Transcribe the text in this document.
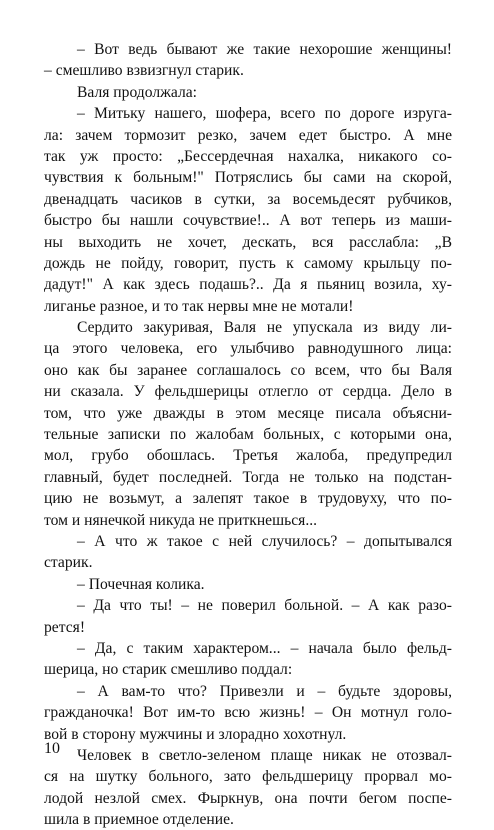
– Вот ведь бывают же такие нехорошие женщины!
– смешливо взвизгнул старик.
Валя продолжала:
– Митьку нашего, шофера, всего по дороге изруга-
ла: зачем тормозит резко, зачем едет быстро. А мне
так уж просто: „Бессердечная нахалка, никакого со-
чувствия к больным!" Потряслись бы сами на скорой,
двенадцать часиков в сутки, за восемьдесят рубчиков,
быстро бы нашли сочувствие!.. А вот теперь из маши-
ны выходить не хочет, дескать, вся расслабла: „В
дождь не пойду, говорит, пусть к самому крыльцу по-
дадут!" А как здесь подашь?.. Да я пьяниц возила, ху-
лиганье разное, и то так нервы мне не мотали!
Сердито закуривая, Валя не упускала из виду ли-
ца этого человека, его улыбчиво равнодушного лица:
оно как бы заранее соглашалось со всем, что бы Валя
ни сказала. У фельдшерицы отлегло от сердца. Дело в
том, что уже дважды в этом месяце писала объясни-
тельные записки по жалобам больных, с которыми она,
мол, грубо обошлась. Третья жалоба, предупредил
главный, будет последней. Тогда не только на подстан-
цию не возьмут, а залепят такое в трудовуху, что по-
том и нянечкой никуда не приткнешься...
– А что ж такое с ней случилось? – допытывался
старик.
– Почечная колика.
– Да что ты! – не поверил больной. – А как разо-
рется!
– Да, с таким характером... – начала было фельд-
шерица, но старик смешливо поддал:
– А вам-то что? Привезли и – будьте здоровы,
гражданочка! Вот им-то всю жизнь! – Он мотнул голо-
вой в сторону мужчины и злорадно хохотнул.
Человек в светло-зеленом плаще никак не отозвал-
ся на шутку больного, зато фельдшерицу прорвал мо-
лодой незлой смех. Фыркнув, она почти бегом поспе-
шила в приемное отделение.
10
